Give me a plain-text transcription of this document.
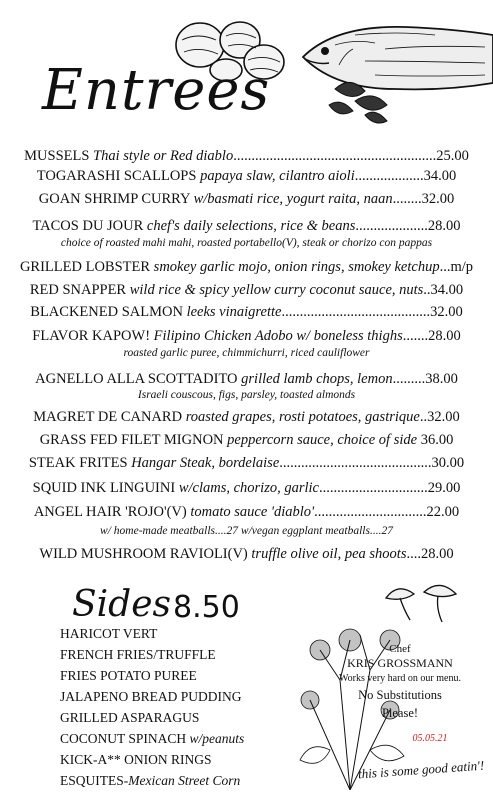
Entrees
MUSSELS Thai style or Red diablo........................................................25.00
TOGARASHI SCALLOPS papaya slaw, cilantro aioli...................34.00
GOAN SHRIMP CURRY w/basmati rice, yogurt raita, naan........32.00
TACOS DU JOUR chef's daily selections, rice & beans....................28.00
GRILLED LOBSTER smokey garlic mojo, onion rings, smokey ketchup...m/p
RED SNAPPER wild rice & spicy yellow curry coconut sauce, nuts..34.00
BLACKENED SALMON leeks vinaigrette.........................................32.00
FLAVOR KAPOW! Filipino Chicken Adobo w/ boneless thighs.......28.00
AGNELLO ALLA SCOTTADITO grilled lamb chops, lemon.........38.00
MAGRET DE CANARD roasted grapes, rosti potatoes, gastrique..32.00
GRASS FED FILET MIGNON peppercorn sauce, choice of side 36.00
STEAK FRITES Hangar Steak, bordelaise..........................................30.00
SQUID INK LINGUINI w/clams, chorizo, garlic..............................29.00
ANGEL HAIR 'ROJO'(V) tomato sauce 'diablo'...............................22.00
WILD MUSHROOM RAVIOLI(V) truffle olive oil, pea shoots....28.00
choice of roasted mahi mahi, roasted portabello(V), steak or chorizo con pappas
roasted garlic puree, chimmichurri, riced cauliflower
Israeli couscous, figs, parsley, toasted almonds
w/ home-made meatballs....27 w/vegan eggplant meatballs....27
Sides 8.50
HARICOT VERT
FRENCH FRIES/TRUFFLE
FRIES POTATO PUREE
JALAPENO BREAD PUDDING
GRILLED ASPARAGUS
COCONUT SPINACH w/peanuts
KICK-A** ONION RINGS
ESQUITES-Mexican Street Corn
Chef
KRIS GROSSMANN
Works very hard on our menu.
No Substitutions
Please!
05.05.21
this is some good eatin'!
